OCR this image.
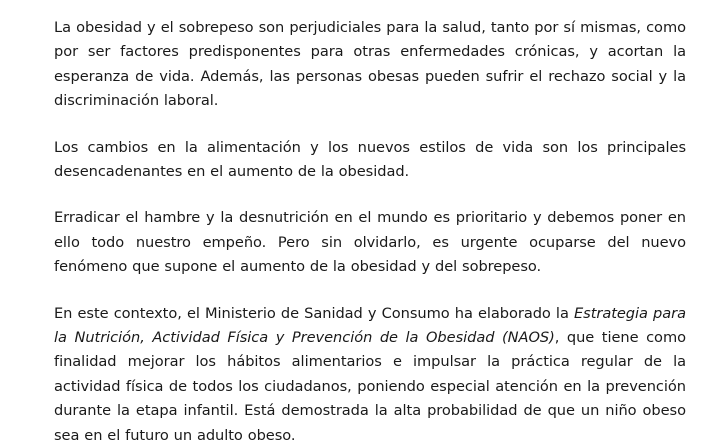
La obesidad y el sobrepeso son perjudiciales para la salud, tanto por sí mismas, como por ser factores predisponentes para otras enfermedades crónicas, y acortan la esperanza de vida. Además, las personas obesas pueden sufrir el rechazo social y la discriminación laboral.

Los cambios en la alimentación y los nuevos estilos de vida son los principales desencadenantes en el aumento de la obesidad.

Erradicar el hambre y la desnutrición en el mundo es prioritario y debemos poner en ello todo nuestro empeño. Pero sin olvidarlo, es urgente ocuparse del nuevo fenómeno que supone el aumento de la obesidad y del sobrepeso.

En este contexto, el Ministerio de Sanidad y Consumo ha elaborado la Estrategia para la Nutrición, Actividad Física y Prevención de la Obesidad (NAOS), que tiene como finalidad mejorar los hábitos alimentarios e impulsar la práctica regular de la actividad física de todos los ciudadanos, poniendo especial atención en la prevención durante la etapa infantil. Está demostrada la alta probabilidad de que un niño obeso sea en el futuro un adulto obeso.
